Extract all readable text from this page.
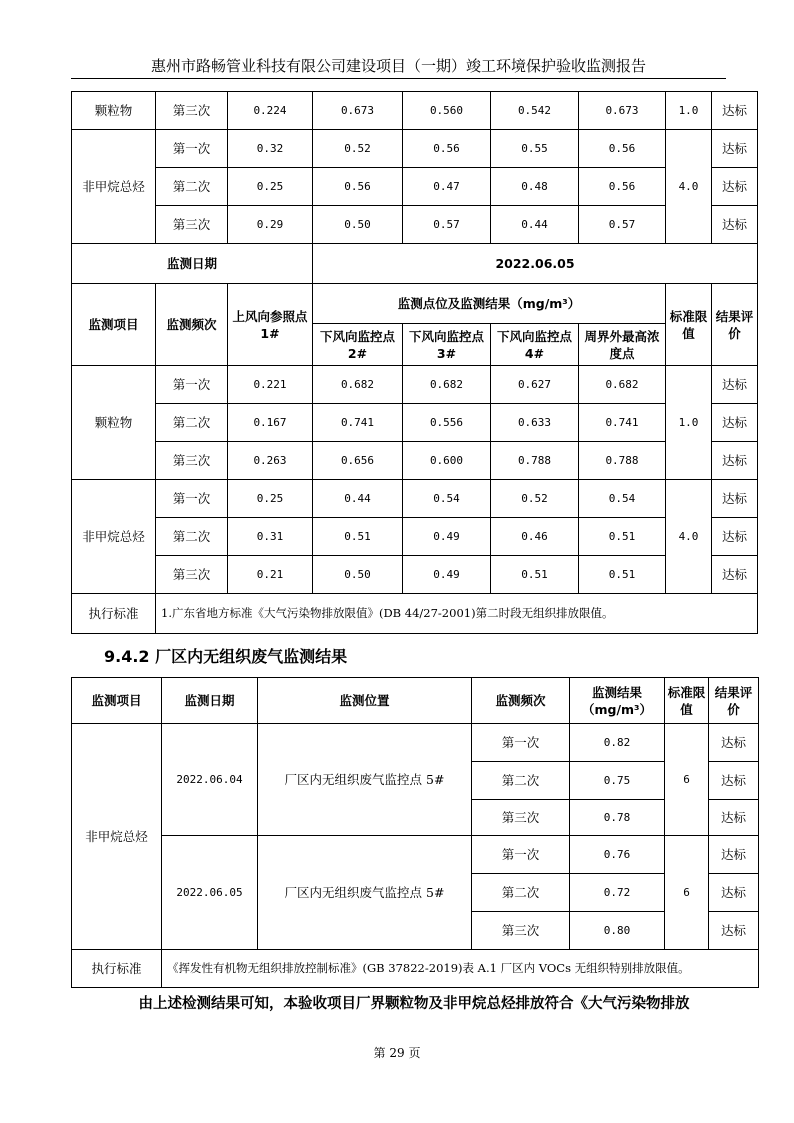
惠州市路畅管业科技有限公司建设项目（一期）竣工环境保护验收监测报告
颗粒物	第三次	0.224	0.673	0.560	0.542	0.673	1.0	达标
非甲烷总烃	第一次	0.32	0.52	0.56	0.55	0.56	4.0	达标
	第二次	0.25	0.56	0.47	0.48	0.56		达标
	第三次	0.29	0.50	0.57	0.44	0.57		达标
监测日期			2022.06.05					
监测项目	监测频次	上风向参照点 1#	监测点位及监测结果（mg/m³）				标准限值	结果评价
			下风向监控点 2#	下风向监控点 3#	下风向监控点 4#	周界外最高浓度点		
颗粒物	第一次	0.221	0.682	0.682	0.627	0.682	1.0	达标
	第二次	0.167	0.741	0.556	0.633	0.741		达标
	第三次	0.263	0.656	0.600	0.788	0.788		达标
非甲烷总烃	第一次	0.25	0.44	0.54	0.52	0.54	4.0	达标
	第二次	0.31	0.51	0.49	0.46	0.51		达标
	第三次	0.21	0.50	0.49	0.51	0.51		达标
执行标准	1.广东省地方标准《大气污染物排放限值》(DB 44/27-2001)第二时段无组织排放限值。							
9.4.2 厂区内无组织废气监测结果
监测项目	监测日期	监测位置	监测频次	监测结果（mg/m³）	标准限值	结果评价
非甲烷总烃	2022.06.04	厂区内无组织废气监控点 5#	第一次	0.82	6	达标
			第二次	0.75		达标
			第三次	0.78		达标
	2022.06.05	厂区内无组织废气监控点 5#	第一次	0.76	6	达标
			第二次	0.72		达标
			第三次	0.80		达标
执行标准	《挥发性有机物无组织排放控制标准》(GB 37822-2019)表 A.1 厂区内 VOCs 无组织特别排放限值。					
由上述检测结果可知，本验收项目厂界颗粒物及非甲烷总烃排放符合《大气污染物排放
第 29 页
